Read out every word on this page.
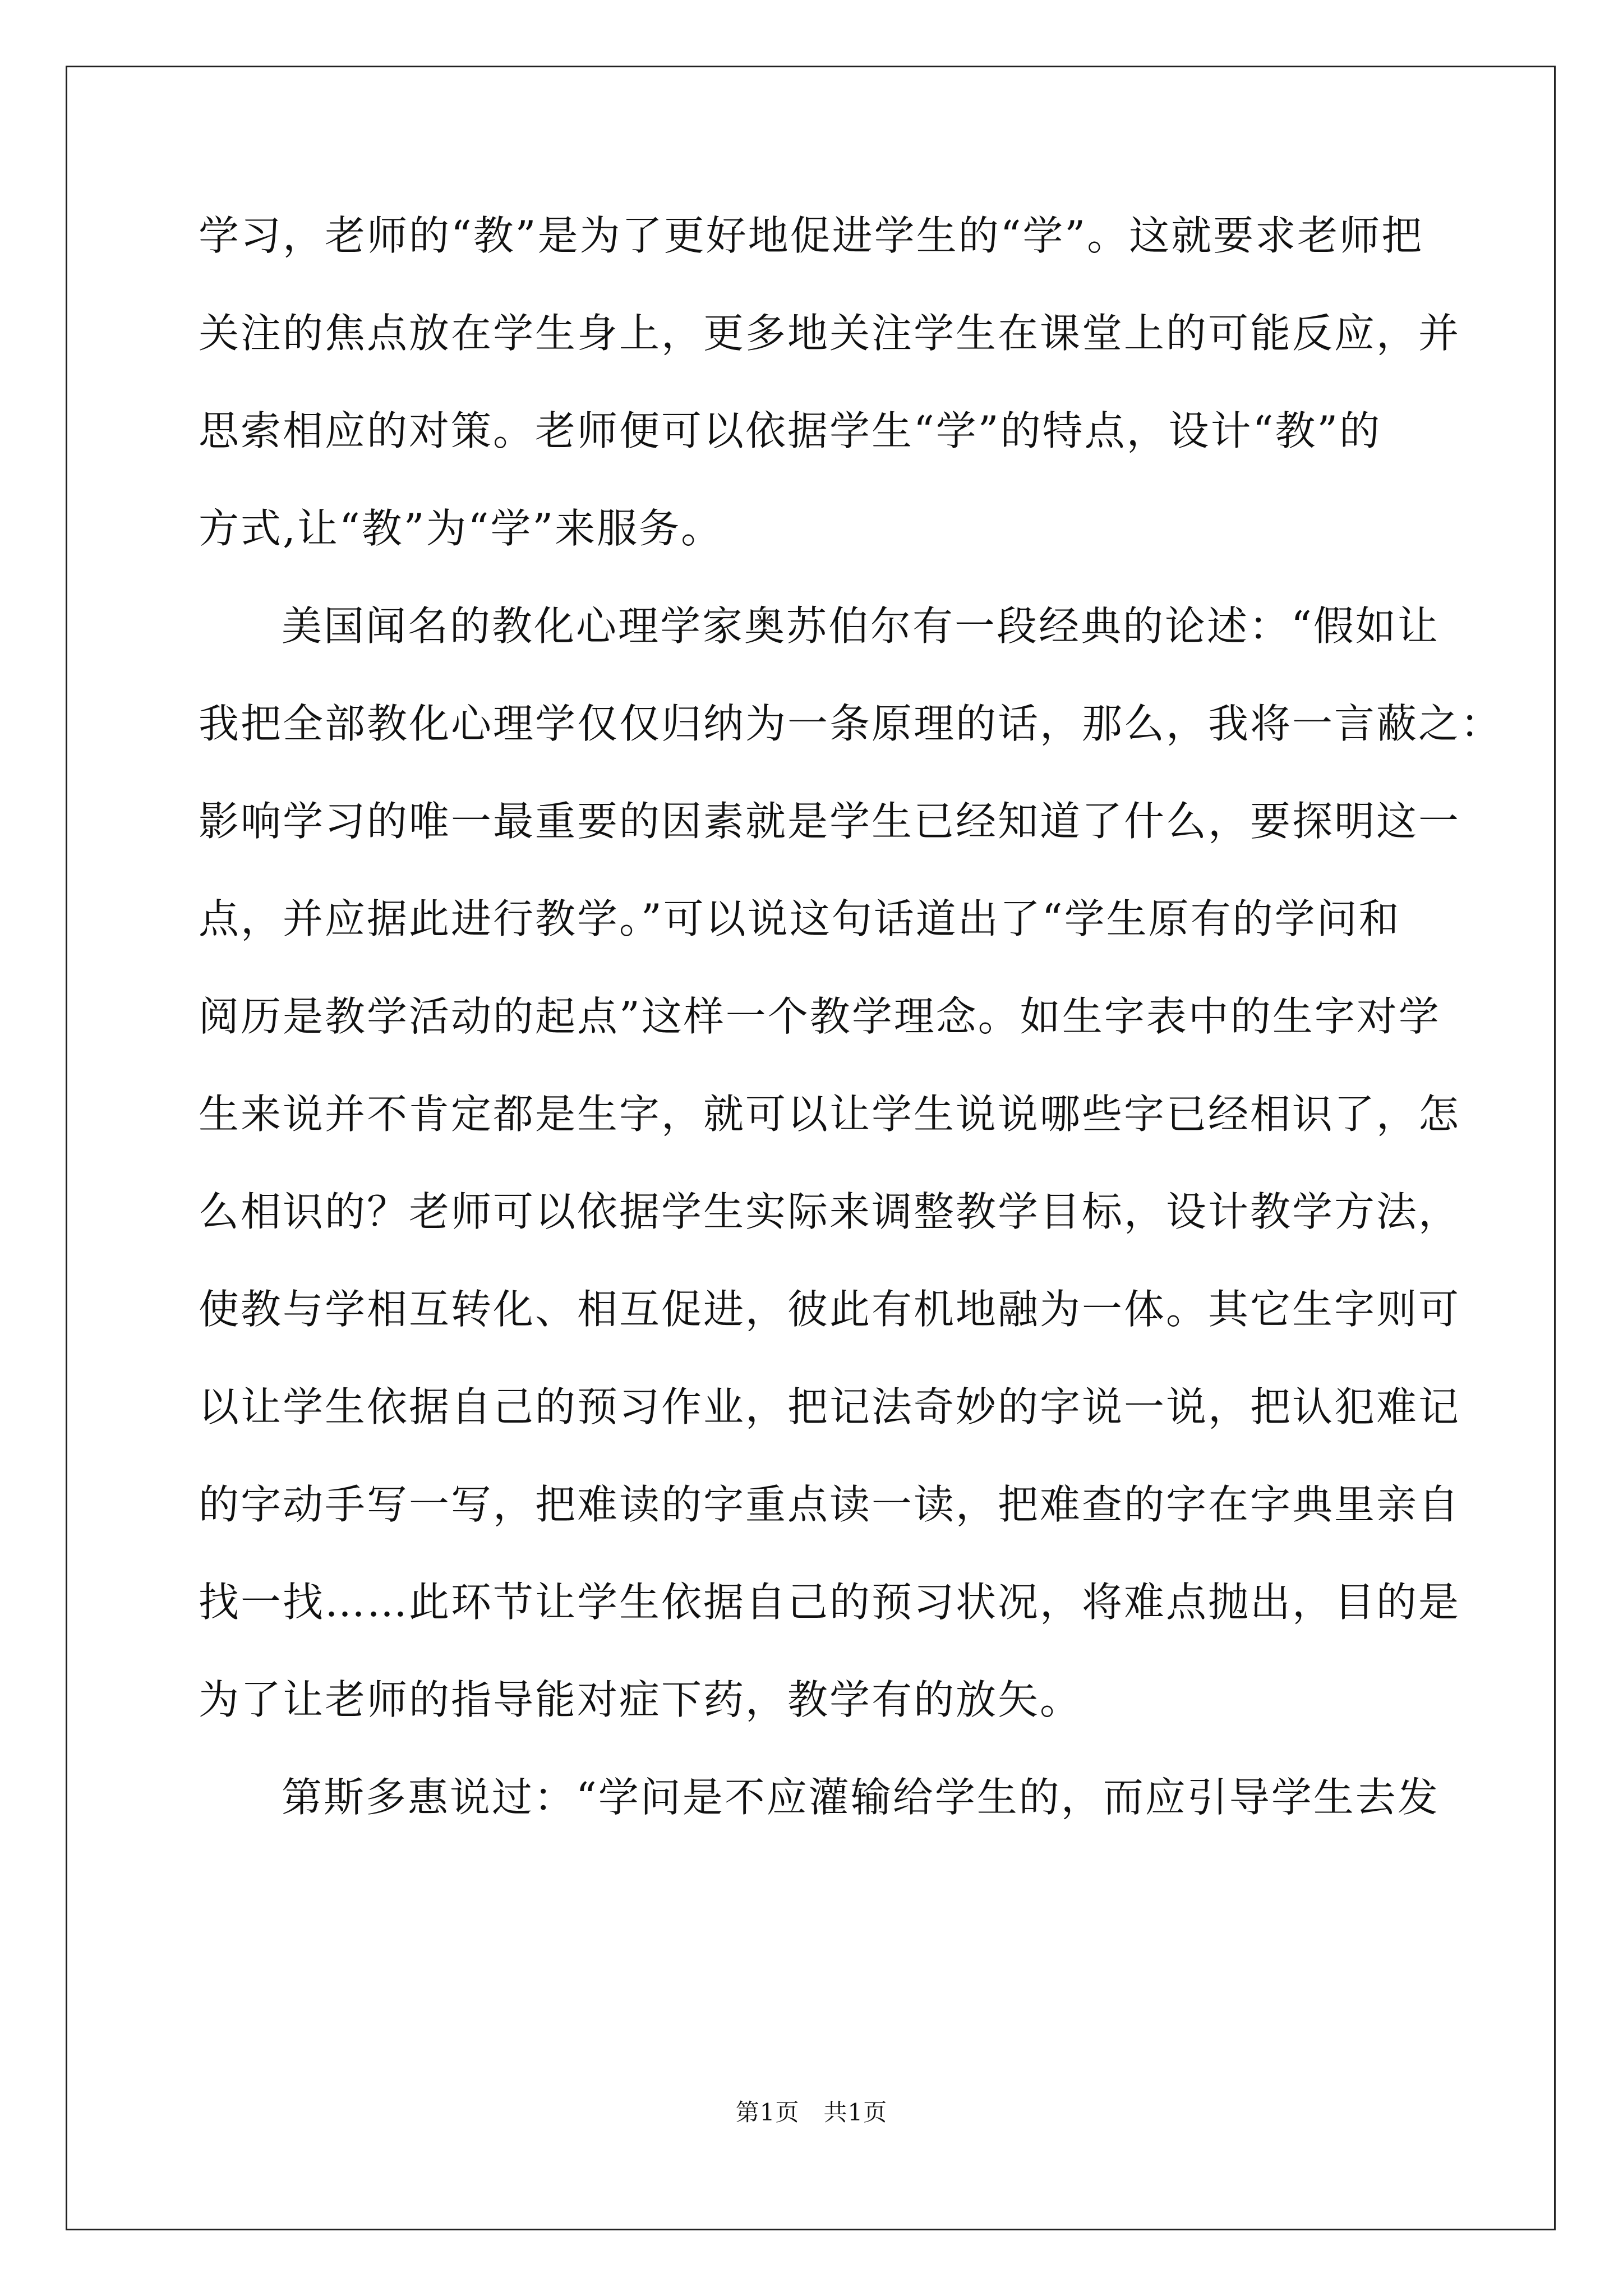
学习，老师的“教”是为了更好地促进学生的“学”。这就要求老师把
关注的焦点放在学生身上，更多地关注学生在课堂上的可能反应，并
思索相应的对策。老师便可以依据学生“学”的特点，设计“教”的
方式,让“教”为“学”来服务。
美国闻名的教化心理学家奥苏伯尔有一段经典的论述：“假如让
我把全部教化心理学仅仅归纳为一条原理的话，那么，我将一言蔽之：
影响学习的唯一最重要的因素就是学生已经知道了什么，要探明这一
点，并应据此进行教学。”可以说这句话道出了“学生原有的学问和
阅历是教学活动的起点”这样一个教学理念。如生字表中的生字对学
生来说并不肯定都是生字，就可以让学生说说哪些字已经相识了，怎
么相识的？老师可以依据学生实际来调整教学目标，设计教学方法，
使教与学相互转化、相互促进，彼此有机地融为一体。其它生字则可
以让学生依据自己的预习作业，把记法奇妙的字说一说，把认犯难记
的字动手写一写，把难读的字重点读一读，把难查的字在字典里亲自
找一找……此环节让学生依据自己的预习状况，将难点抛出，目的是
为了让老师的指导能对症下药，教学有的放矢。
第斯多惠说过：“学问是不应灌输给学生的，而应引导学生去发
第1页　共1页
